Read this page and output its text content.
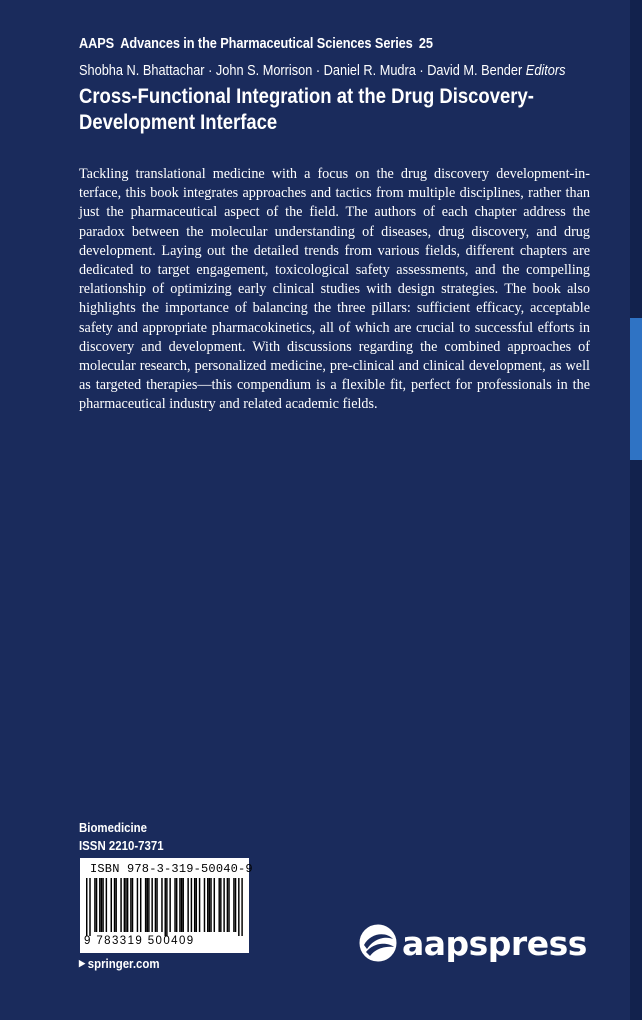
AAPS Advances in the Pharmaceutical Sciences Series 25
Shobha N. Bhattachar · John S. Morrison · Daniel R. Mudra · David M. Bender Editors
Cross-Functional Integration at the Drug Discovery-Development Interface
Tackling translational medicine with a focus on the drug discovery development-interface, this book integrates approaches and tactics from multiple disciplines, rather than just the pharmaceutical aspect of the field. The authors of each chapter address the paradox between the molecular understanding of diseases, drug discovery, and drug development. Laying out the detailed trends from various fields, different chapters are dedicated to target engagement, toxicological safety assessments, and the compelling relationship of optimizing early clinical studies with design strategies. The book also highlights the importance of balancing the three pillars: sufficient efficacy, acceptable safety and appropriate pharmacokinetics, all of which are crucial to successful efforts in discovery and development. With discussions regarding the combined approaches of molecular research, personalized medicine, pre-clinical and clinical development, as well as targeted therapies—this compendium is a flexible fit, perfect for professionals in the pharmaceutical industry and related academic fields.
Biomedicine
ISSN 2210-7371
ISBN 978-3-319-50040-9
9 783319 500409
▶ springer.com
aapspress
